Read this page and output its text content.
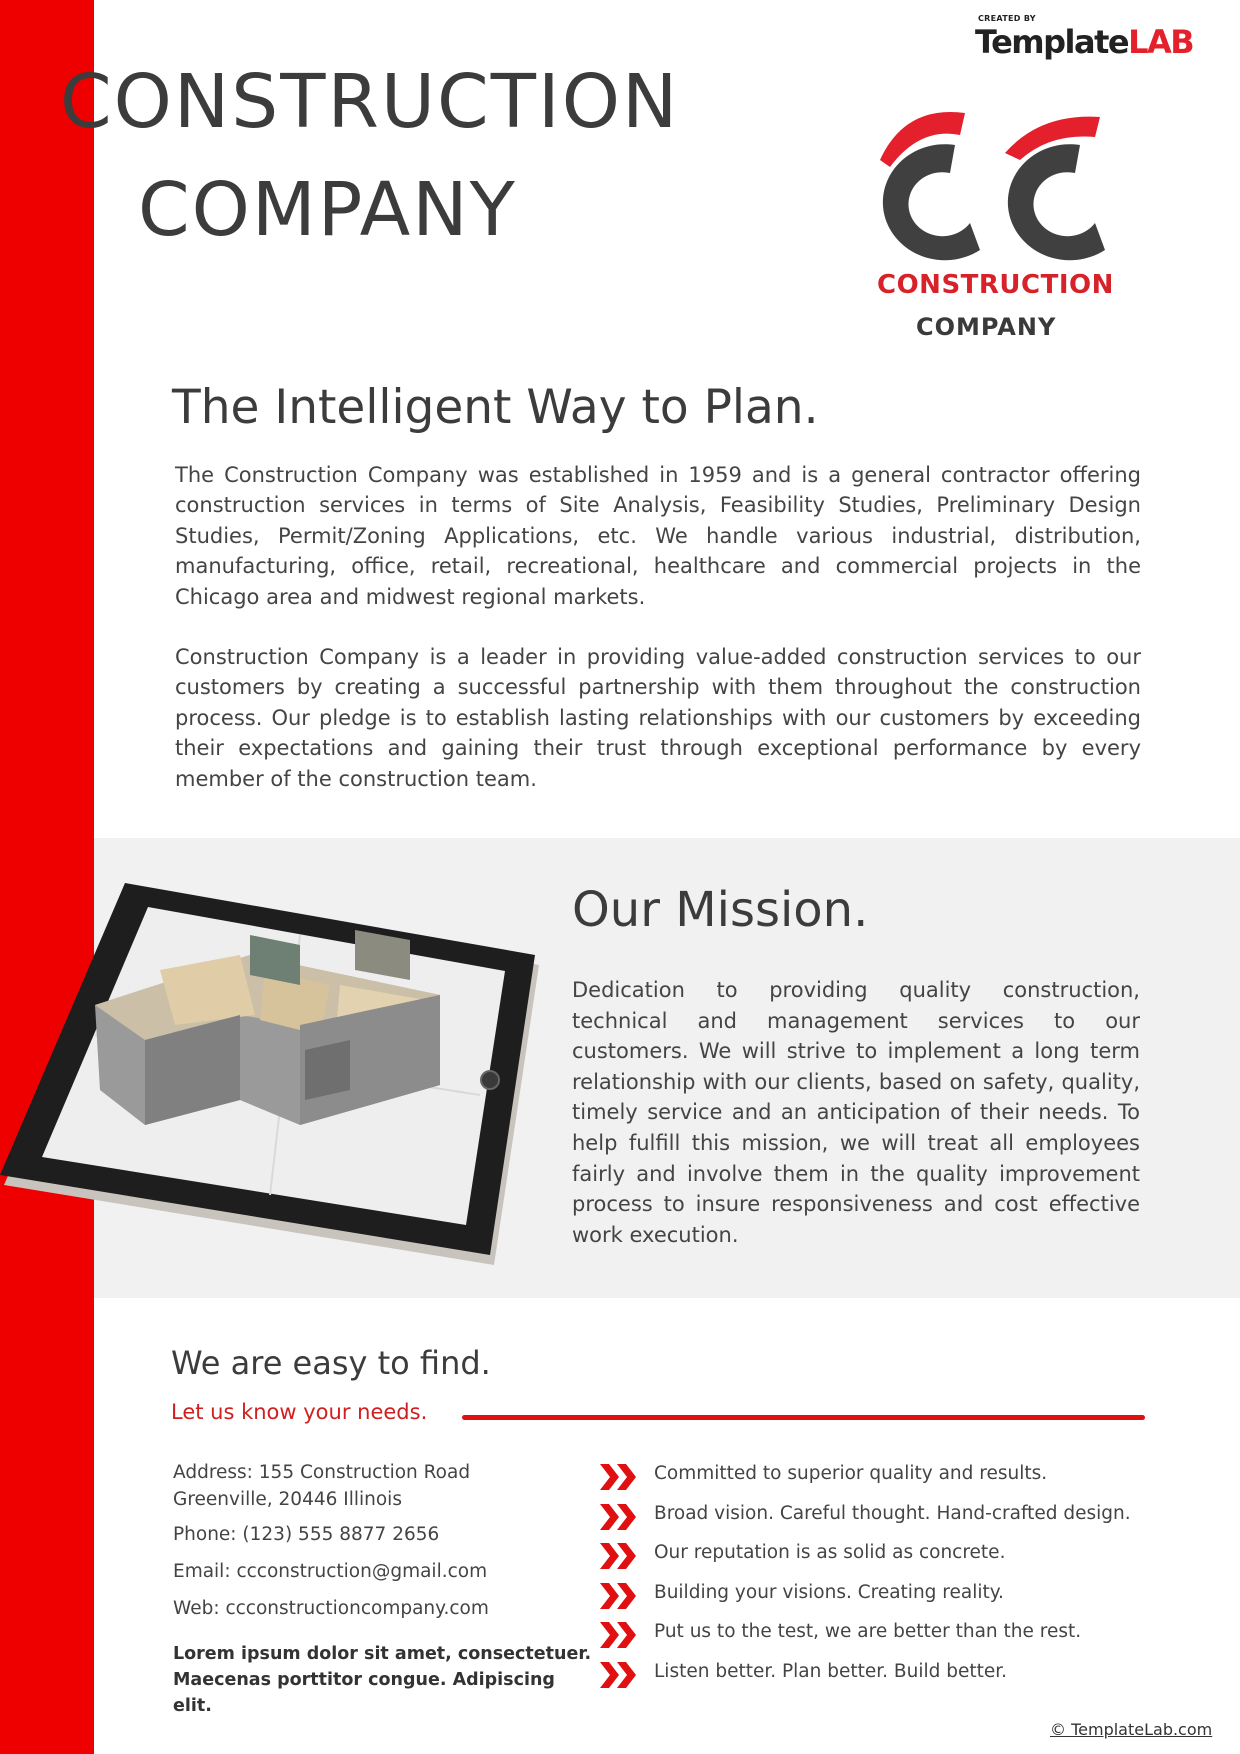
CONSTRUCTION
COMPANY
CREATED BY
TemplateLAB
CONSTRUCTION
COMPANY
The Intelligent Way to Plan.

The Construction Company was established in 1959 and is a general contractor offering construction services in terms of Site Analysis, Feasibility Studies, Preliminary Design Studies, Permit/Zoning Applications, etc. We handle various industrial, distribution, manufacturing, office, retail, recreational, healthcare and commercial projects in the Chicago area and midwest regional markets.

Construction Company is a leader in providing value-added construction services to our customers by creating a successful partnership with them throughout the construction process. Our pledge is to establish lasting relationships with our customers by exceeding their expectations and gaining their trust through exceptional performance by every member of the construction team.

Our Mission.

Dedication to providing quality construction, technical and management services to our customers. We will strive to implement a long term relationship with our clients, based on safety, quality, timely service and an anticipation of their needs. To help fulfill this mission, we will treat all employees fairly and involve them in the quality improvement process to insure responsiveness and cost effective work execution.

We are easy to find.

Let us know your needs.

Address: 155 Construction Road
Greenville, 20446 Illinois
Phone: (123) 555 8877 2656
Email: ccconstruction@gmail.com
Web: ccconstructioncompany.com
Lorem ipsum dolor sit amet, consectetuer.
Maecenas porttitor congue. Adipiscing elit.
Committed to superior quality and results.
Broad vision. Careful thought. Hand-crafted design.
Our reputation is as solid as concrete.
Building your visions. Creating reality.
Put us to the test, we are better than the rest.
Listen better. Plan better. Build better.
© TemplateLab.com
